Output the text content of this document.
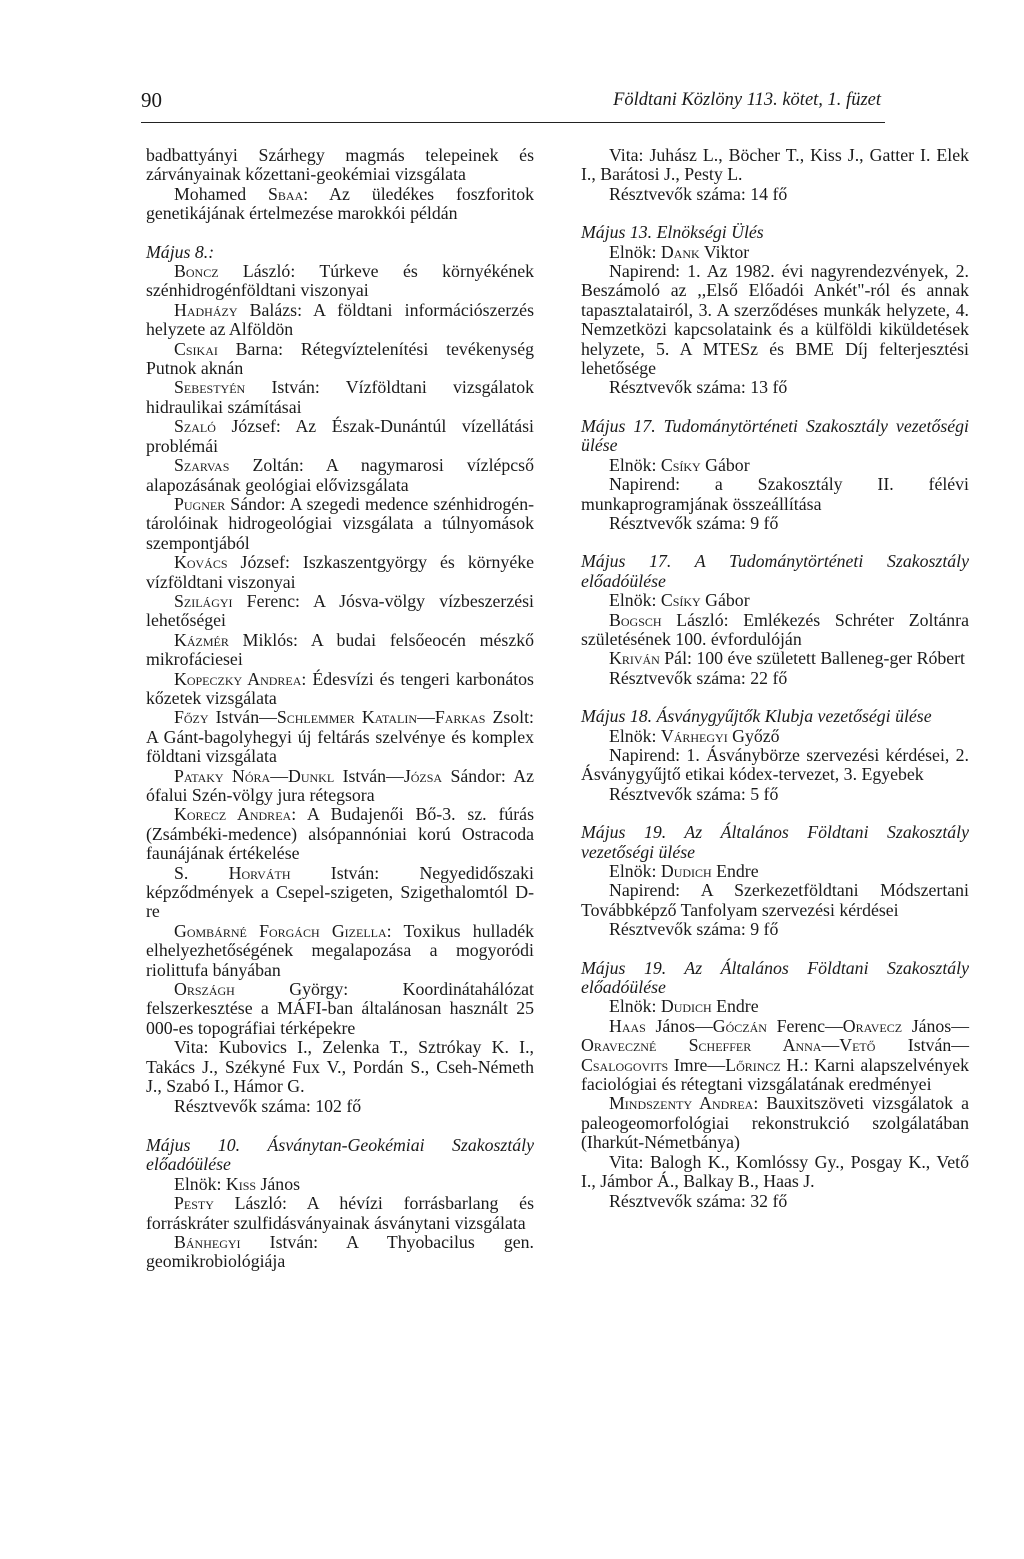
90	Földtani Közlöny 113. kötet, 1. füzet

badbattyányi Szárhegy magmás telepeinek és zárványainak kőzettani-geokémiai vizsgálata

Mohamed Sbaa: Az üledékes foszforitok genetikájának értelmezése marokkói példán

Május 8.:

Boncz László: Túrkeve és környékének szénhidrogénföldtani viszonyai

Hadházy Balázs: A földtani információszerzés helyzete az Alföldön

Csikai Barna: Rétegvíztelenítési tevékenység Putnok aknán

Sebestyén István: Vízföldtani vizsgálatok hidraulikai számításai

Szaló József: Az Észak-Dunántúl vízellátási problémái

Szarvas Zoltán: A nagymarosi vízlépcső alapozásának geológiai elővizsgálata

Pugner Sándor: A szegedi medence szénhidrogén-tárolóinak hidrogeológiai vizsgálata a túlnyomások szempontjából

Kovács József: Iszkaszentgyörgy és környéke vízföldtani viszonyai

Szilágyi Ferenc: A Jósva-völgy vízbeszerzési lehetőségei

Kázmér Miklós: A budai felsőeocén mészkő mikrofáciesei

Kopeczky Andrea: Édesvízi és tengeri karbonátos kőzetek vizsgálata

Főzy István—Schlemmer Katalin—Farkas Zsolt: A Gánt-bagolyhegyi új feltárás szelvénye és komplex földtani vizsgálata

Pataky Nóra—Dunkl István—Józsa Sándor: Az ófalui Szén-völgy jura rétegsora

Korecz Andrea: A Budajenői Bő-3. sz. fúrás (Zsámbéki-medence) alsópannóniai korú Ostracoda faunájának értékelése

S. Horváth István: Negyedidőszaki képződmények a Csepel-szigeten, Szigethalomtól D-re

Gombárné Forgách Gizella: Toxikus hulladék elhelyezhetőségének megalapozása a mogyoródi riolittufa bányában

Országh György: Koordinátahálózat felszerkesztése a MÁFI-ban általánosan használt 25 000-es topográfiai térképekre

Vita: Kubovics I., Zelenka T., Sztrókay K. I., Takács J., Székyné Fux V., Pordán S., Cseh-Németh J., Szabó I., Hámor G.

Résztvevők száma: 102 fő

Május 10. Ásványtan-Geokémiai Szakosztály előadóülése

Elnök: Kiss János

Pesty László: A hévízi forrásbarlang és forráskráter szulfidásványainak ásványtani vizsgálata

Bánhegyi István: A Thyobacilus gen. geomikrobiológiája

Vita: Juhász L., Böcher T., Kiss J., Gatter I. Elek I., Barátosi J., Pesty L.

Résztvevők száma: 14 fő

Május 13. Elnökségi Ülés

Elnök: Dank Viktor

Napirend: 1. Az 1982. évi nagyrendezvények, 2. Beszámoló az ,,Első Előadói Ankét"-ról és annak tapasztalatairól, 3. A szerződéses munkák helyzete, 4. Nemzetközi kapcsolataink és a külföldi kiküldetések helyzete, 5. A MTESz és BME Díj felterjesztési lehetősége

Résztvevők száma: 13 fő

Május 17. Tudománytörténeti Szakosztály vezetőségi ülése

Elnök: Csíky Gábor

Napirend: a Szakosztály II. félévi munkaprogramjának összeállítása

Résztvevők száma: 9 fő

Május 17. A Tudománytörténeti Szakosztály előadóülése

Elnök: Csíky Gábor

Bogsch László: Emlékezés Schréter Zoltánra születésének 100. évfordulóján

Kriván Pál: 100 éve született Balleneg-ger Róbert

Résztvevők száma: 22 fő

Május 18. Ásványgyűjtők Klubja vezetőségi ülése

Elnök: Várhegyi Győző

Napirend: 1. Ásványbörze szervezési kérdései, 2. Ásványgyűjtő etikai kódex-tervezet, 3. Egyebek

Résztvevők száma: 5 fő

Május 19. Az Általános Földtani Szakosztály vezetőségi ülése

Elnök: Dudich Endre

Napirend: A Szerkezetföldtani Módszertani Továbbképző Tanfolyam szervezési kérdései

Résztvevők száma: 9 fő

Május 19. Az Általános Földtani Szakosztály előadóülése

Elnök: Dudich Endre

Haas János—Góczán Ferenc—Oravecz János—Oraveczné Scheffer Anna—Vető István—Csalogovits Imre—Lőrincz H.: Karni alapszelvények faciológiai és rétegtani vizsgálatának eredményei

Mindszenty Andrea: Bauxitszöveti vizsgálatok a paleogeomorfológiai rekonstrukció szolgálatában (Iharkút-Németbánya)

Vita: Balogh K., Komlóssy Gy., Posgay K., Vető I., Jámbor Á., Balkay B., Haas J.

Résztvevők száma: 32 fő
